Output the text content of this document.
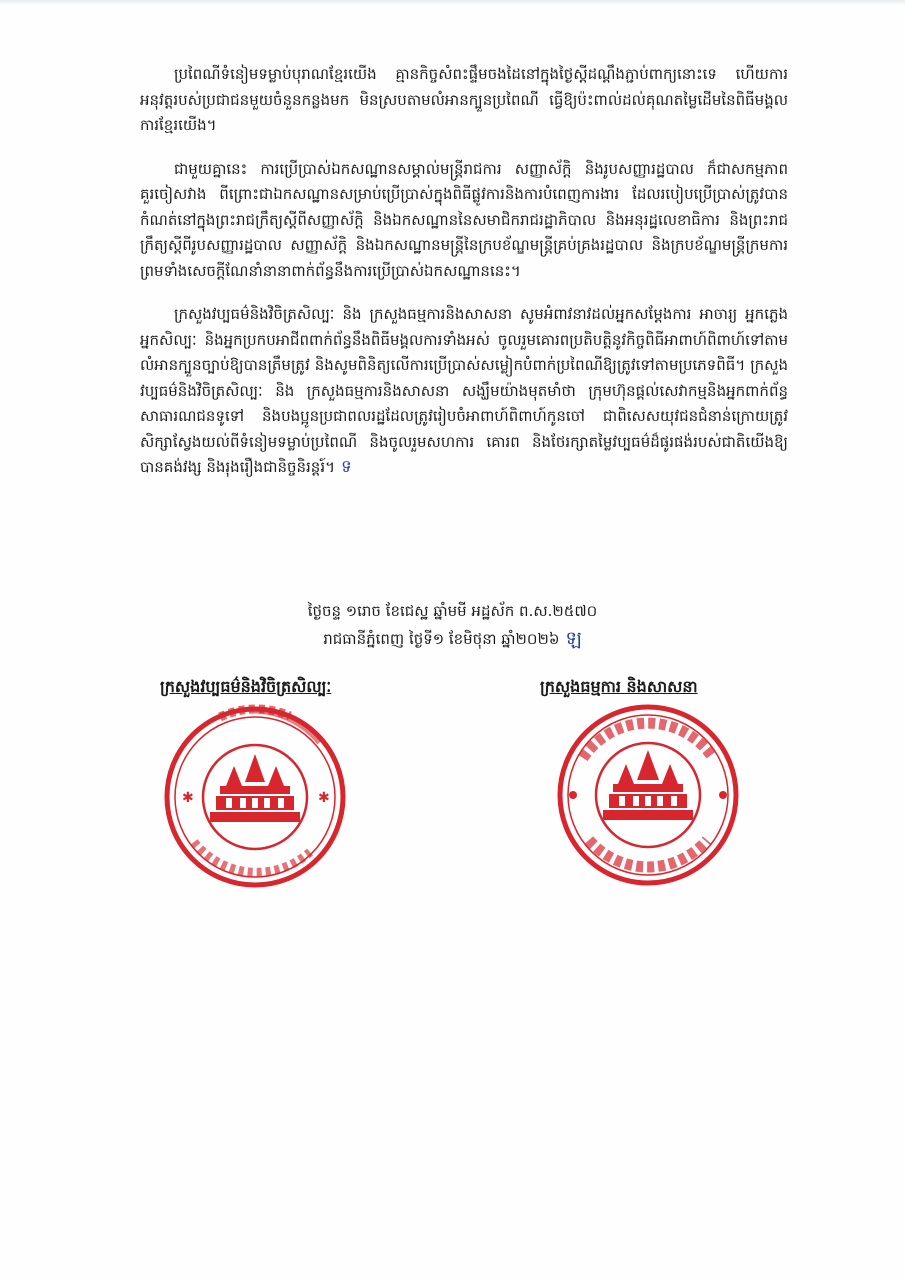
ប្រពៃណីទំនៀមទម្លាប់បុរាណខ្មែរយើង គ្មានកិច្ចសំពះផ្ទឹមចងដៃនៅក្នុងថ្ងៃស្ដីដណ្ដឹងភ្ជាប់ពាក្យនោះទេ ហើយការអនុវត្តរបស់ប្រជាជនមួយចំនួនកន្លងមក មិនស្របតាមលំអានក្បួនប្រពៃណី ធ្វើឱ្យប៉ះពាល់ដល់គុណតម្លៃដើមនៃពិធីមង្គលការខ្មែរយើង។

ជាមួយគ្នានេះ ការប្រើប្រាស់ឯកសណ្ឋានសម្គាល់មន្ត្រីរាជការ សញ្ញាស័ក្តិ និងរូបសញ្ញារដ្ឋបាល ក៏ជាសកម្មភាពគួរចៀសវាង ពីព្រោះជាឯកសណ្ឋានសម្រាប់ប្រើប្រាស់ក្នុងពិធីផ្លូវការនិងការបំពេញការងារ ដែលរបៀបប្រើប្រាស់ត្រូវបានកំណត់នៅក្នុងព្រះរាជក្រឹត្យស្ដីពីសញ្ញាស័ក្តិ និងឯកសណ្ឋាននៃសមាជិករាជរដ្ឋាភិបាល និងអនុរដ្ឋលេខាធិការ និងព្រះរាជក្រឹត្យស្ដីពីរូបសញ្ញារដ្ឋបាល សញ្ញាស័ក្តិ និងឯកសណ្ឋានមន្ត្រីនៃក្របខ័ណ្ឌមន្ត្រីគ្រប់គ្រងរដ្ឋបាល និងក្របខ័ណ្ឌមន្ត្រីក្រមការ ព្រមទាំងសេចក្ដីណែនាំនានាពាក់ព័ន្ធនឹងការប្រើប្រាស់ឯកសណ្ឋាននេះ។

ក្រសួងវប្បធម៌និងវិចិត្រសិល្បៈ និង ក្រសួងធម្មការនិងសាសនា សូមអំពាវនាវដល់អ្នកសម្ដែងការ អាចារ្យ អ្នកភ្លេង អ្នកសិល្បៈ និងអ្នកប្រកបអាជីពពាក់ព័ន្ធនឹងពិធីមង្គលការទាំងអស់ ចូលរួមគោរពប្រតិបត្តិនូវកិច្ចពិធីអាពាហ៍ពិពាហ៍ទៅតាមលំអានក្បួនច្បាប់ឱ្យបានត្រឹមត្រូវ និងសូមពិនិត្យលើការប្រើប្រាស់សម្លៀកបំពាក់ប្រពៃណីឱ្យត្រូវទៅតាមប្រភេទពិធី។ ក្រសួងវប្បធម៌និងវិចិត្រសិល្បៈ និង ក្រសួងធម្មការនិងសាសនា សង្ឃឹមយ៉ាងមុតមាំថា ក្រុមហ៊ុនផ្ដល់សេវាកម្មនិងអ្នកពាក់ព័ន្ធ សាធារណជនទូទៅ និងបងប្អូនប្រជាពលរដ្ឋដែលត្រូវរៀបចំអាពាហ៍ពិពាហ៍កូនចៅ ជាពិសេសយុវជនជំនាន់ក្រោយត្រូវសិក្សាស្វែងយល់ពីទំនៀមទម្លាប់ប្រពៃណី និងចូលរួមសហការ គោរព និងថែរក្សាតម្លៃវប្បធម៌ដ៏ផូរផង់របស់ជាតិយើងឱ្យបានគង់វង្ស និងរុងរឿងជានិច្ចនិរន្តរ៍។ ទ

ថ្ងៃចន្ទ ១រោច ខែជេស្ឋ ឆ្នាំមមី អដ្ឋស័ក ព.ស.២៥៧០
រាជធានីភ្នំពេញ ថ្ងៃទី១ ខែមិថុនា ឆ្នាំ២០២៦ ឡ
ក្រសួងវប្បធម៌និងវិចិត្រសិល្បៈ	ក្រសួងធម្មការ និងសាសនា
✱	✱
